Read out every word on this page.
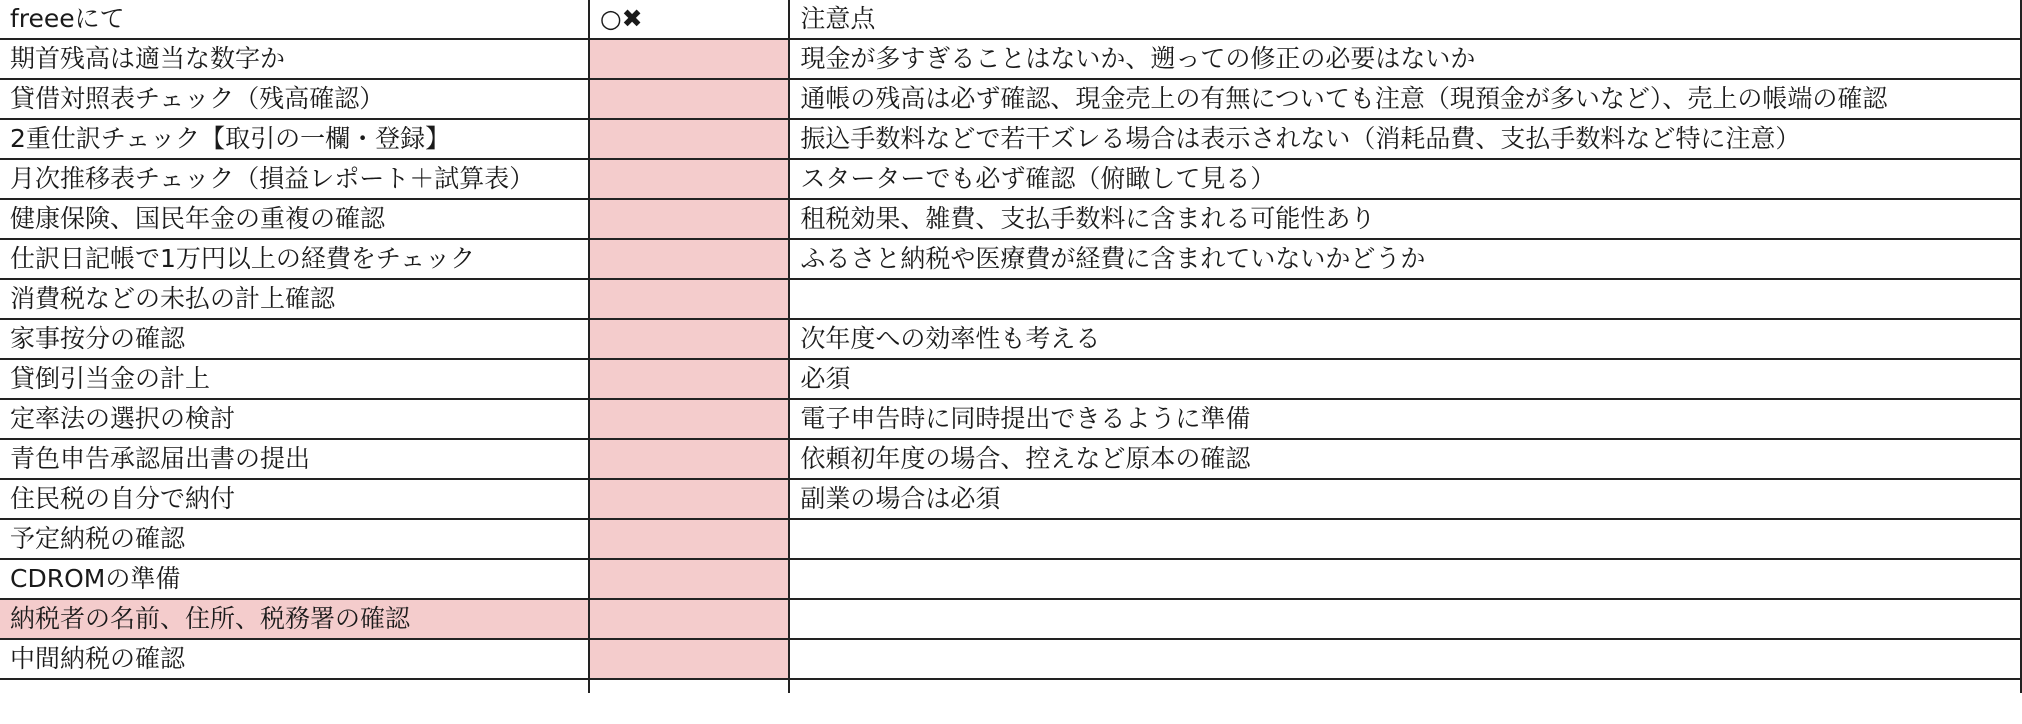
freeeにて	○✖	注意点
期首残高は適当な数字か		現金が多すぎることはないか、遡っての修正の必要はないか
貸借対照表チェック（残高確認）		通帳の残高は必ず確認、現金売上の有無についても注意（現預金が多いなど）、売上の帳端の確認
2重仕訳チェック【取引の一欄・登録】		振込手数料などで若干ズレる場合は表示されない（消耗品費、支払手数料など特に注意）
月次推移表チェック（損益レポート＋試算表）		スターターでも必ず確認（俯瞰して見る）
健康保険、国民年金の重複の確認		租税効果、雑費、支払手数料に含まれる可能性あり
仕訳日記帳で1万円以上の経費をチェック		ふるさと納税や医療費が経費に含まれていないかどうか
消費税などの未払の計上確認		
家事按分の確認		次年度への効率性も考える
貸倒引当金の計上		必須
定率法の選択の検討		電子申告時に同時提出できるように準備
青色申告承認届出書の提出		依頼初年度の場合、控えなど原本の確認
住民税の自分で納付		副業の場合は必須
予定納税の確認		
CDROMの準備		
納税者の名前、住所、税務署の確認		
中間納税の確認		
